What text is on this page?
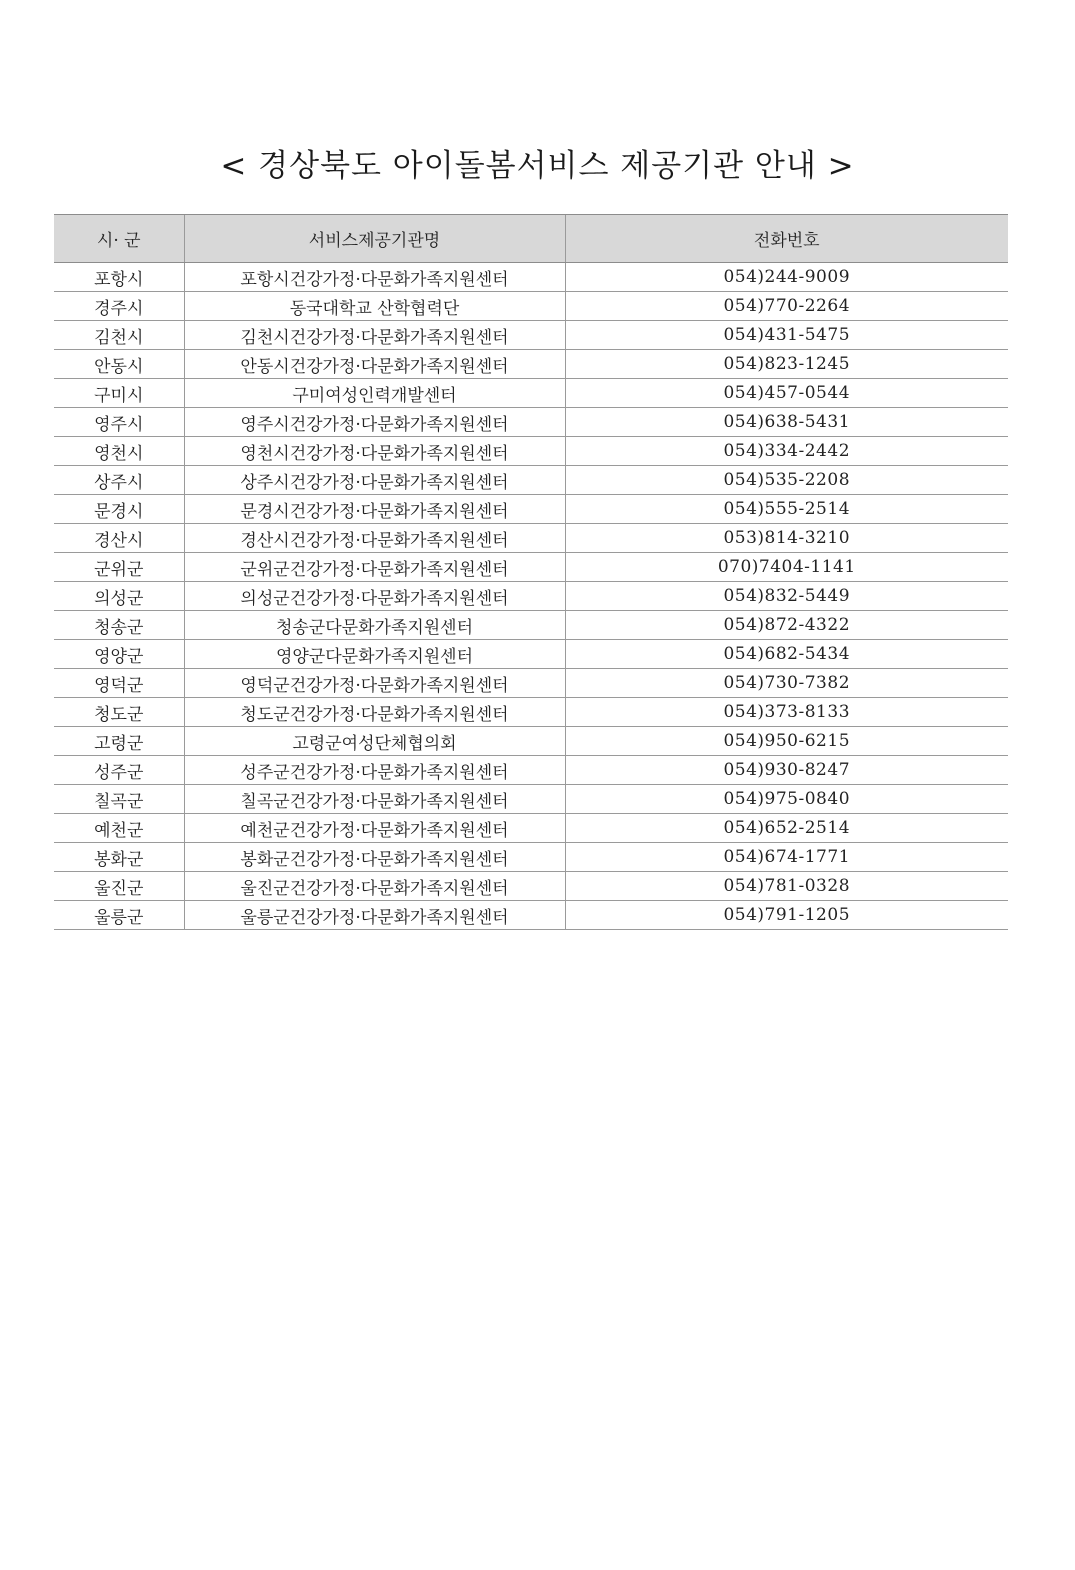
< 경상북도 아이돌봄서비스 제공기관 안내 >
시· 군	서비스제공기관명	전화번호
포항시	포항시건강가정·다문화가족지원센터	054)244-9009
경주시	동국대학교 산학협력단	054)770-2264
김천시	김천시건강가정·다문화가족지원센터	054)431-5475
안동시	안동시건강가정·다문화가족지원센터	054)823-1245
구미시	구미여성인력개발센터	054)457-0544
영주시	영주시건강가정·다문화가족지원센터	054)638-5431
영천시	영천시건강가정·다문화가족지원센터	054)334-2442
상주시	상주시건강가정·다문화가족지원센터	054)535-2208
문경시	문경시건강가정·다문화가족지원센터	054)555-2514
경산시	경산시건강가정·다문화가족지원센터	053)814-3210
군위군	군위군건강가정·다문화가족지원센터	070)7404-1141
의성군	의성군건강가정·다문화가족지원센터	054)832-5449
청송군	청송군다문화가족지원센터	054)872-4322
영양군	영양군다문화가족지원센터	054)682-5434
영덕군	영덕군건강가정·다문화가족지원센터	054)730-7382
청도군	청도군건강가정·다문화가족지원센터	054)373-8133
고령군	고령군여성단체협의회	054)950-6215
성주군	성주군건강가정·다문화가족지원센터	054)930-8247
칠곡군	칠곡군건강가정·다문화가족지원센터	054)975-0840
예천군	예천군건강가정·다문화가족지원센터	054)652-2514
봉화군	봉화군건강가정·다문화가족지원센터	054)674-1771
울진군	울진군건강가정·다문화가족지원센터	054)781-0328
울릉군	울릉군건강가정·다문화가족지원센터	054)791-1205
